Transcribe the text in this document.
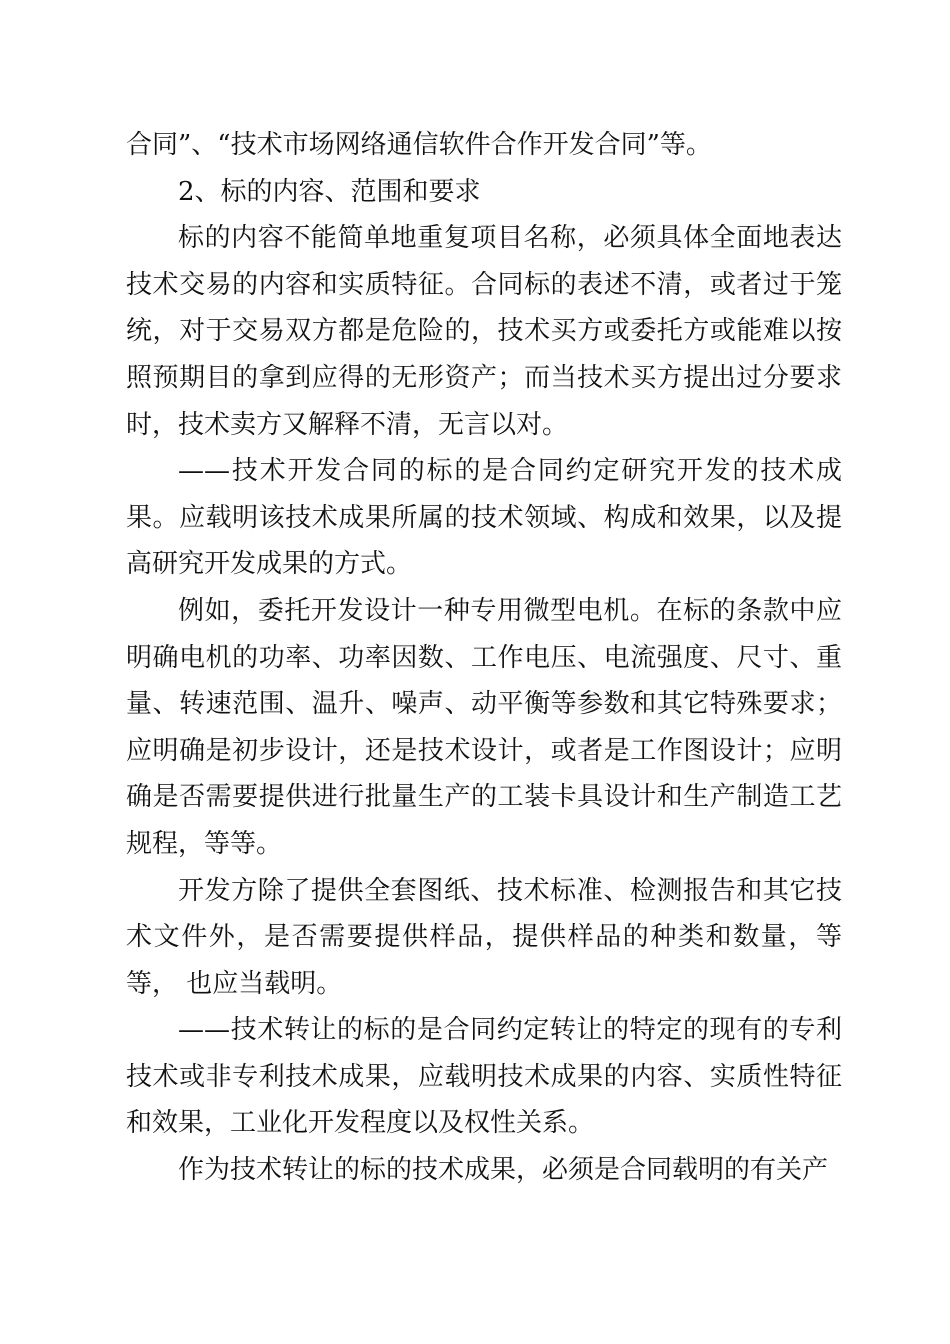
合同”、“技术市场网络通信软件合作开发合同”等。

2、标的内容、范围和要求

标的内容不能简单地重复项目名称，必须具体全面地表达技术交易的内容和实质特征。合同标的表述不清，或者过于笼统，对于交易双方都是危险的，技术买方或委托方或能难以按照预期目的拿到应得的无形资产；而当技术买方提出过分要求时，技术卖方又解释不清，无言以对。

——技术开发合同的标的是合同约定研究开发的技术成果。应载明该技术成果所属的技术领域、构成和效果，以及提高研究开发成果的方式。

例如，委托开发设计一种专用微型电机。在标的条款中应明确电机的功率、功率因数、工作电压、电流强度、尺寸、重量、转速范围、温升、噪声、动平衡等参数和其它特殊要求；应明确是初步设计，还是技术设计，或者是工作图设计；应明确是否需要提供进行批量生产的工装卡具设计和生产制造工艺规程，等等。

开发方除了提供全套图纸、技术标准、检测报告和其它技术文件外，是否需要提供样品，提供样品的种类和数量，等等， 也应当载明。

——技术转让的标的是合同约定转让的特定的现有的专利技术或非专利技术成果，应载明技术成果的内容、实质性特征和效果，工业化开发程度以及权性关系。

作为技术转让的标的技术成果，必须是合同载明的有关产
